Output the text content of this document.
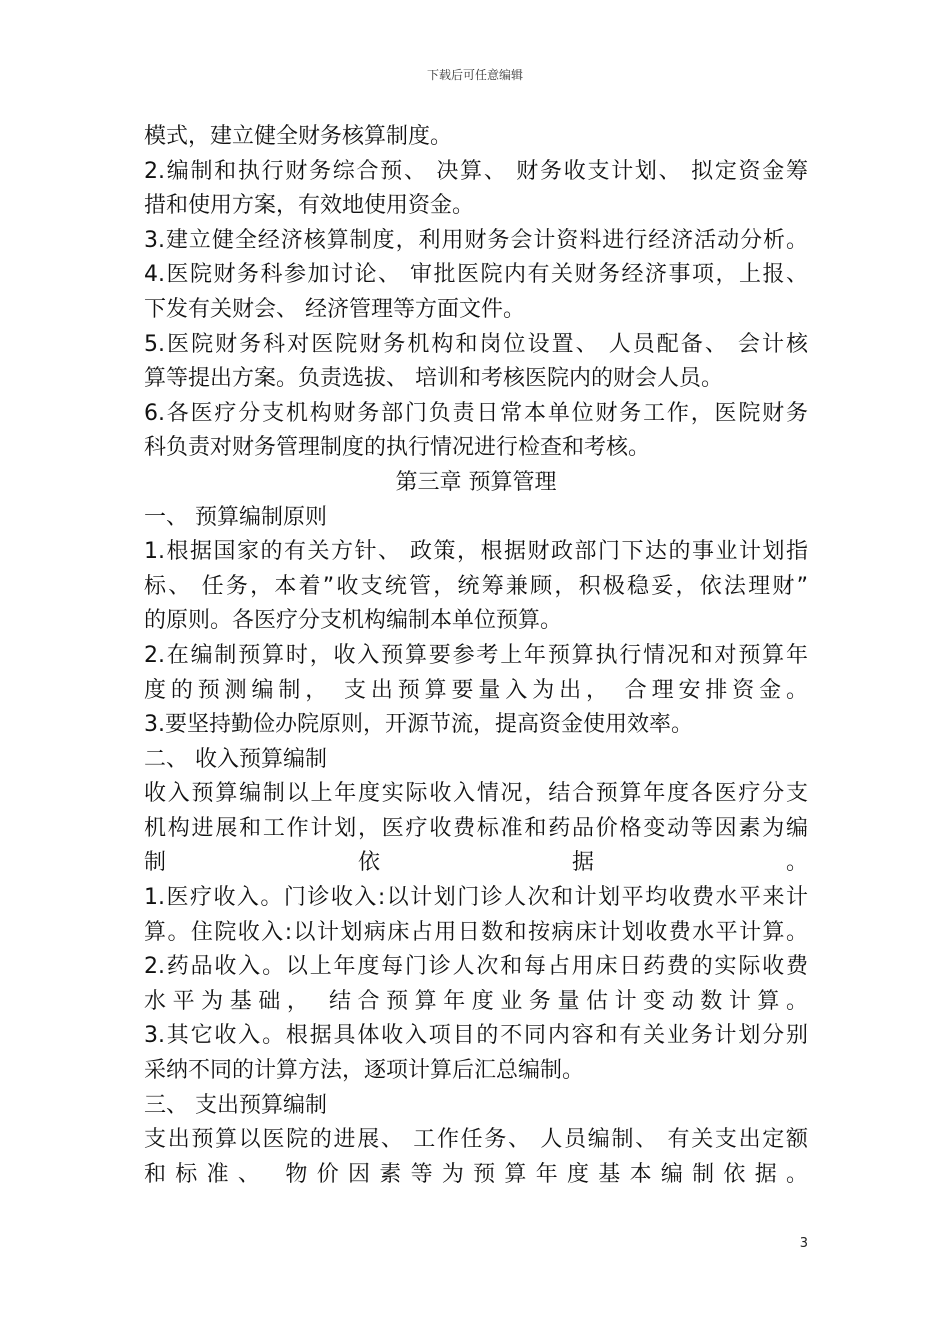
下载后可任意编辑
模式，建立健全财务核算制度。
2.编制和执行财务综合预、 决算、 财务收支计划、 拟定资金筹
措和使用方案，有效地使用资金。
3.建立健全经济核算制度，利用财务会计资料进行经济活动分析。
4.医院财务科参加讨论、 审批医院内有关财务经济事项，上报、
下发有关财会、 经济管理等方面文件。
5.医院财务科对医院财务机构和岗位设置、 人员配备、 会计核
算等提出方案。负责选拔、 培训和考核医院内的财会人员。
6.各医疗分支机构财务部门负责日常本单位财务工作，医院财务
科负责对财务管理制度的执行情况进行检查和考核。
第三章 预算管理
一、 预算编制原则
1.根据国家的有关方针、 政策，根据财政部门下达的事业计划指
标、 任务，本着”收支统管，统筹兼顾，积极稳妥，依法理财”
的原则。各医疗分支机构编制本单位预算。
2.在编制预算时，收入预算要参考上年预算执行情况和对预算年
度的预测编制， 支出预算要量入为出， 合理安排资金。
3.要坚持勤俭办院原则，开源节流，提高资金使用效率。
二、 收入预算编制
收入预算编制以上年度实际收入情况，结合预算年度各医疗分支
机构进展和工作计划，医疗收费标准和药品价格变动等因素为编
制依据。
1.医疗收入。门诊收入:以计划门诊人次和计划平均收费水平来计
算。住院收入:以计划病床占用日数和按病床计划收费水平计算。
2.药品收入。以上年度每门诊人次和每占用床日药费的实际收费
水平为基础， 结合预算年度业务量估计变动数计算。
3.其它收入。根据具体收入项目的不同内容和有关业务计划分别
采纳不同的计算方法，逐项计算后汇总编制。
三、 支出预算编制
支出预算以医院的进展、 工作任务、 人员编制、 有关支出定额
和标准、 物价因素等为预算年度基本编制依据。
3
